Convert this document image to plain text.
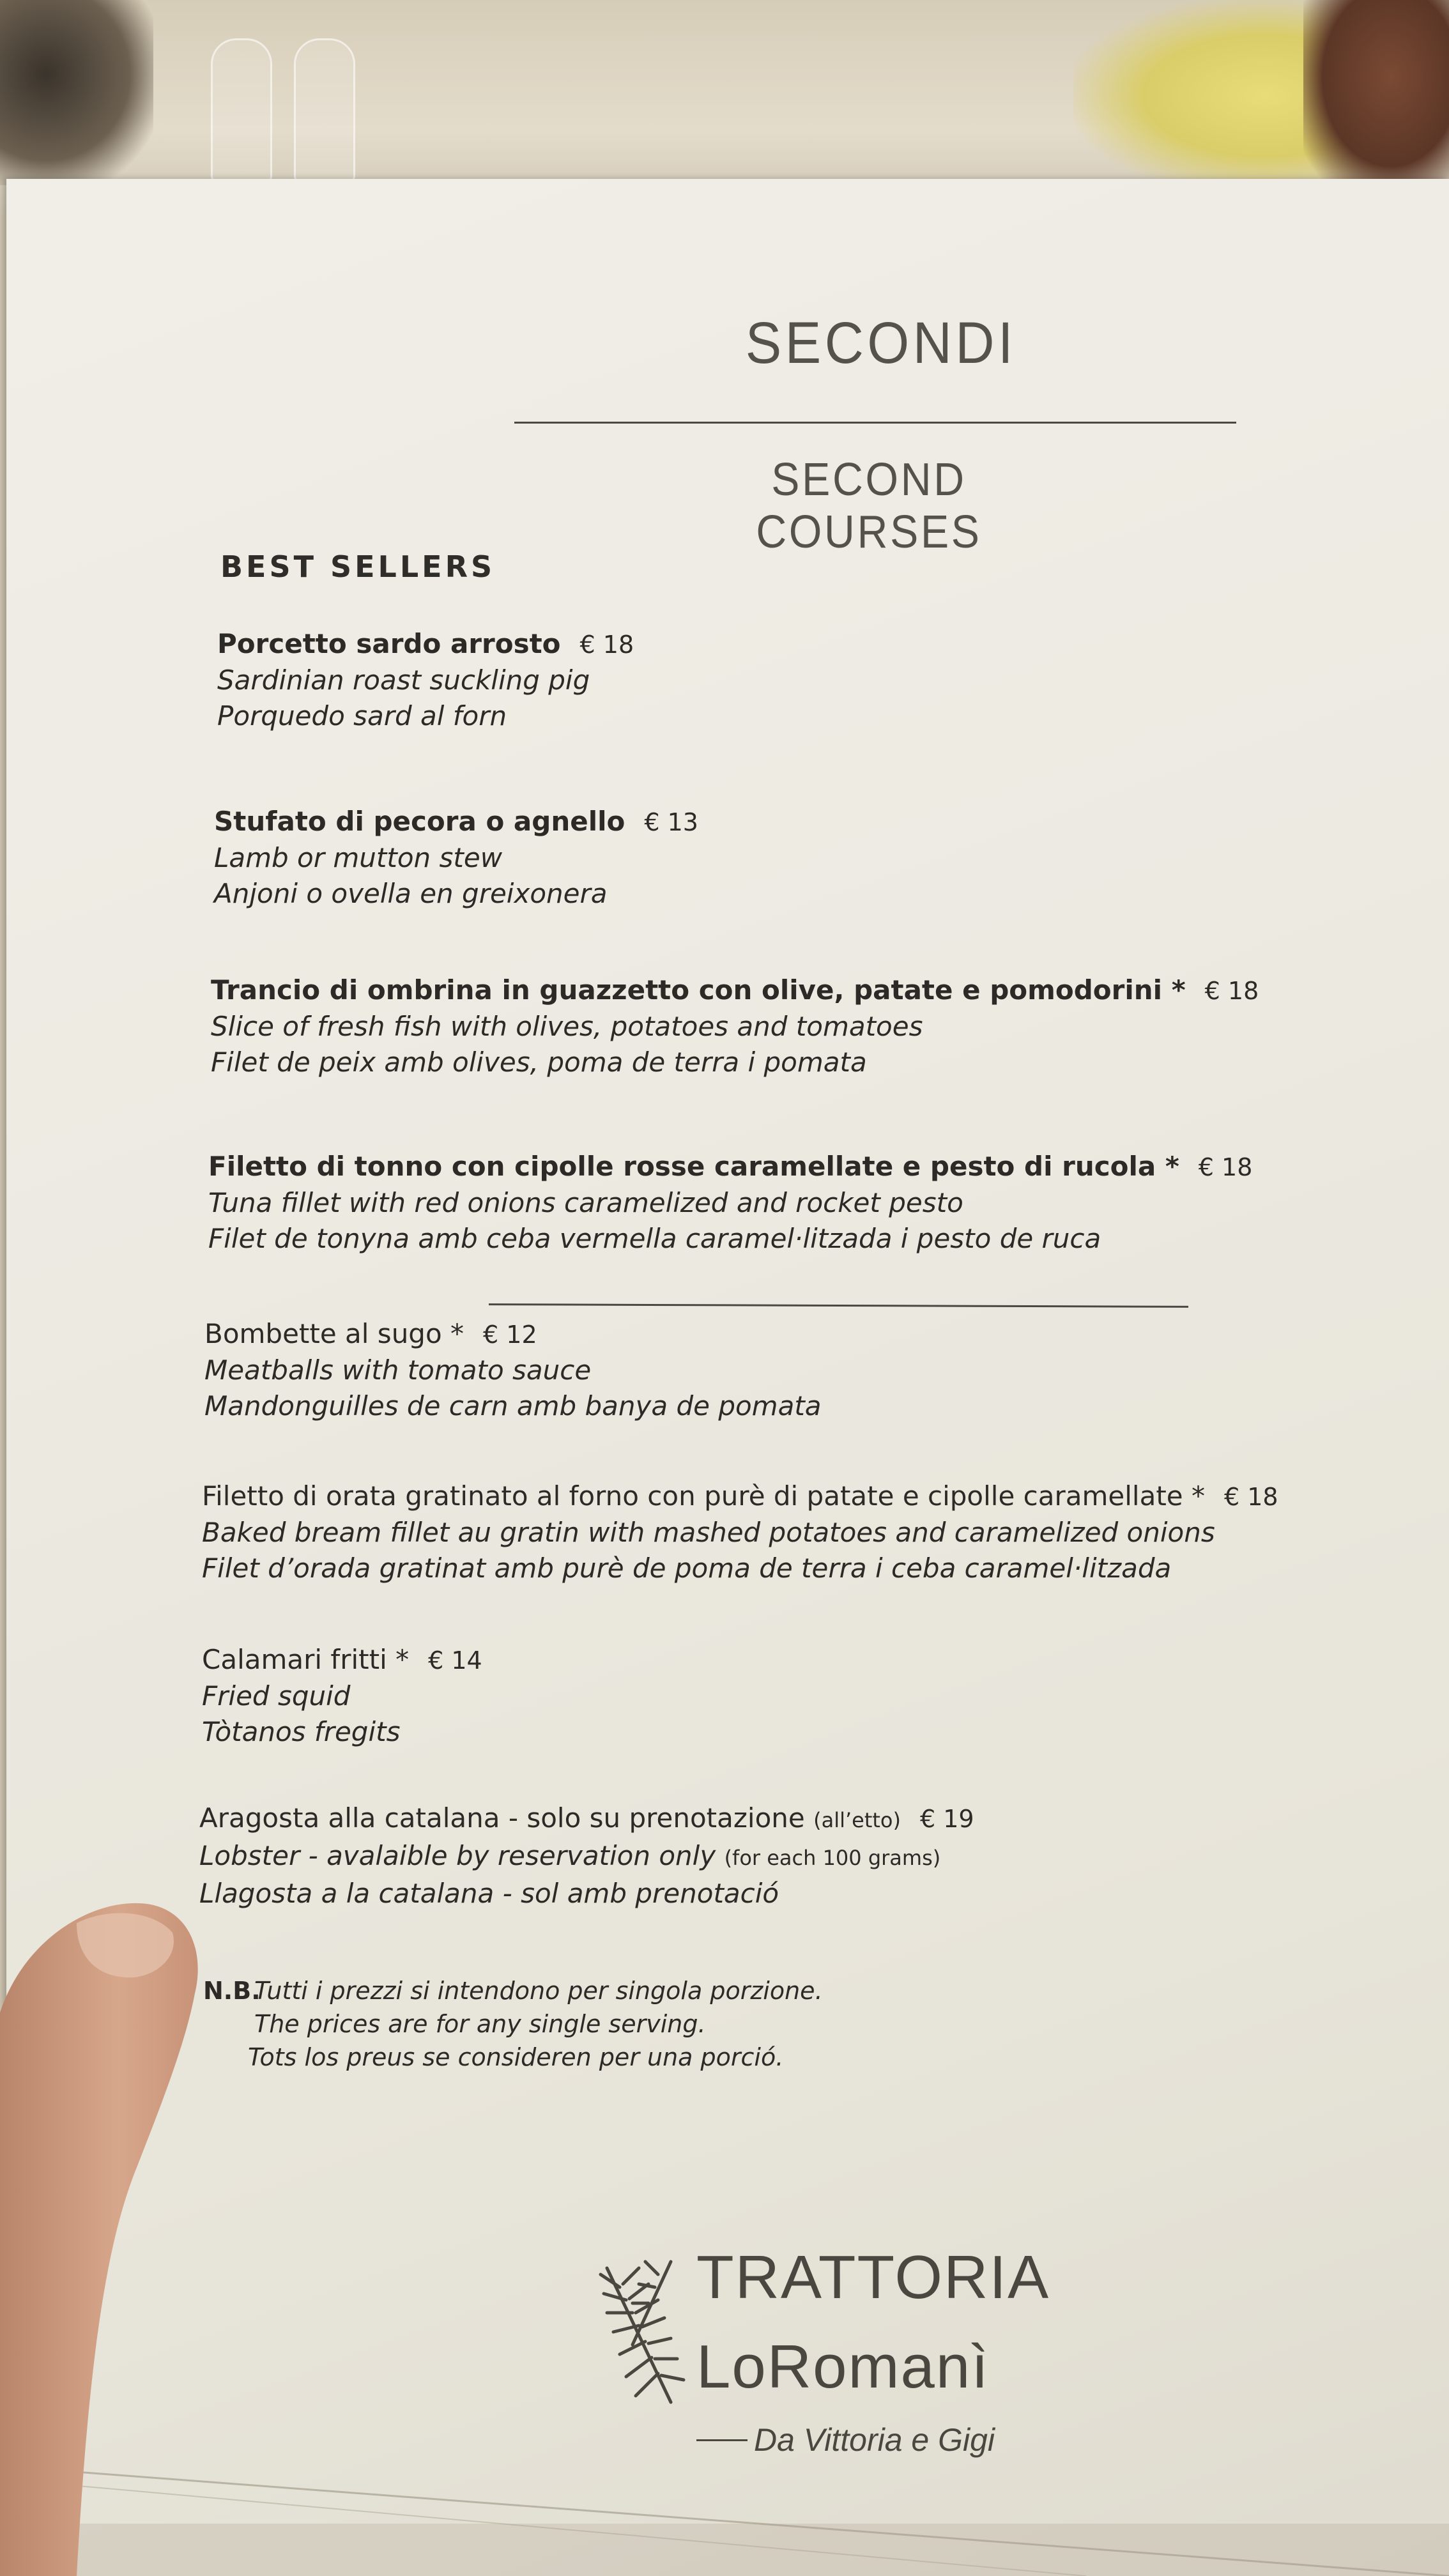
SECONDI
SECOND COURSES
BEST SELLERS
Porcetto sardo arrosto € 18
Sardinian roast suckling pig
Porquedo sard al forn
Stufato di pecora o agnello € 13
Lamb or mutton stew
Anjoni o ovella en greixonera
Trancio di ombrina in guazzetto con olive, patate e pomodorini * € 18
Slice of fresh fish with olives, potatoes and tomatoes
Filet de peix amb olives, poma de terra i pomata
Filetto di tonno con cipolle rosse caramellate e pesto di rucola * € 18
Tuna fillet with red onions caramelized and rocket pesto
Filet de tonyna amb ceba vermella caramel·litzada i pesto de ruca
Bombette al sugo * € 12
Meatballs with tomato sauce
Mandonguilles de carn amb banya de pomata
Filetto di orata gratinato al forno con purè di patate e cipolle caramellate * € 18
Baked bream fillet au gratin with mashed potatoes and caramelized onions
Filet d’orada gratinat amb purè de poma de terra i ceba caramel·litzada
Calamari fritti * € 14
Fried squid
Tòtanos fregits
Aragosta alla catalana - solo su prenotazione (all’etto) € 19
Lobster - avalaible by reservation only (for each 100 grams)
Llagosta a la catalana - sol amb prenotació
N.B.Tutti i prezzi si intendono per singola porzione.
The prices are for any single serving.
Tots los preus se consideren per una porció.
TRATTORIA
LoRomanì
Da Vittoria e Gigi
